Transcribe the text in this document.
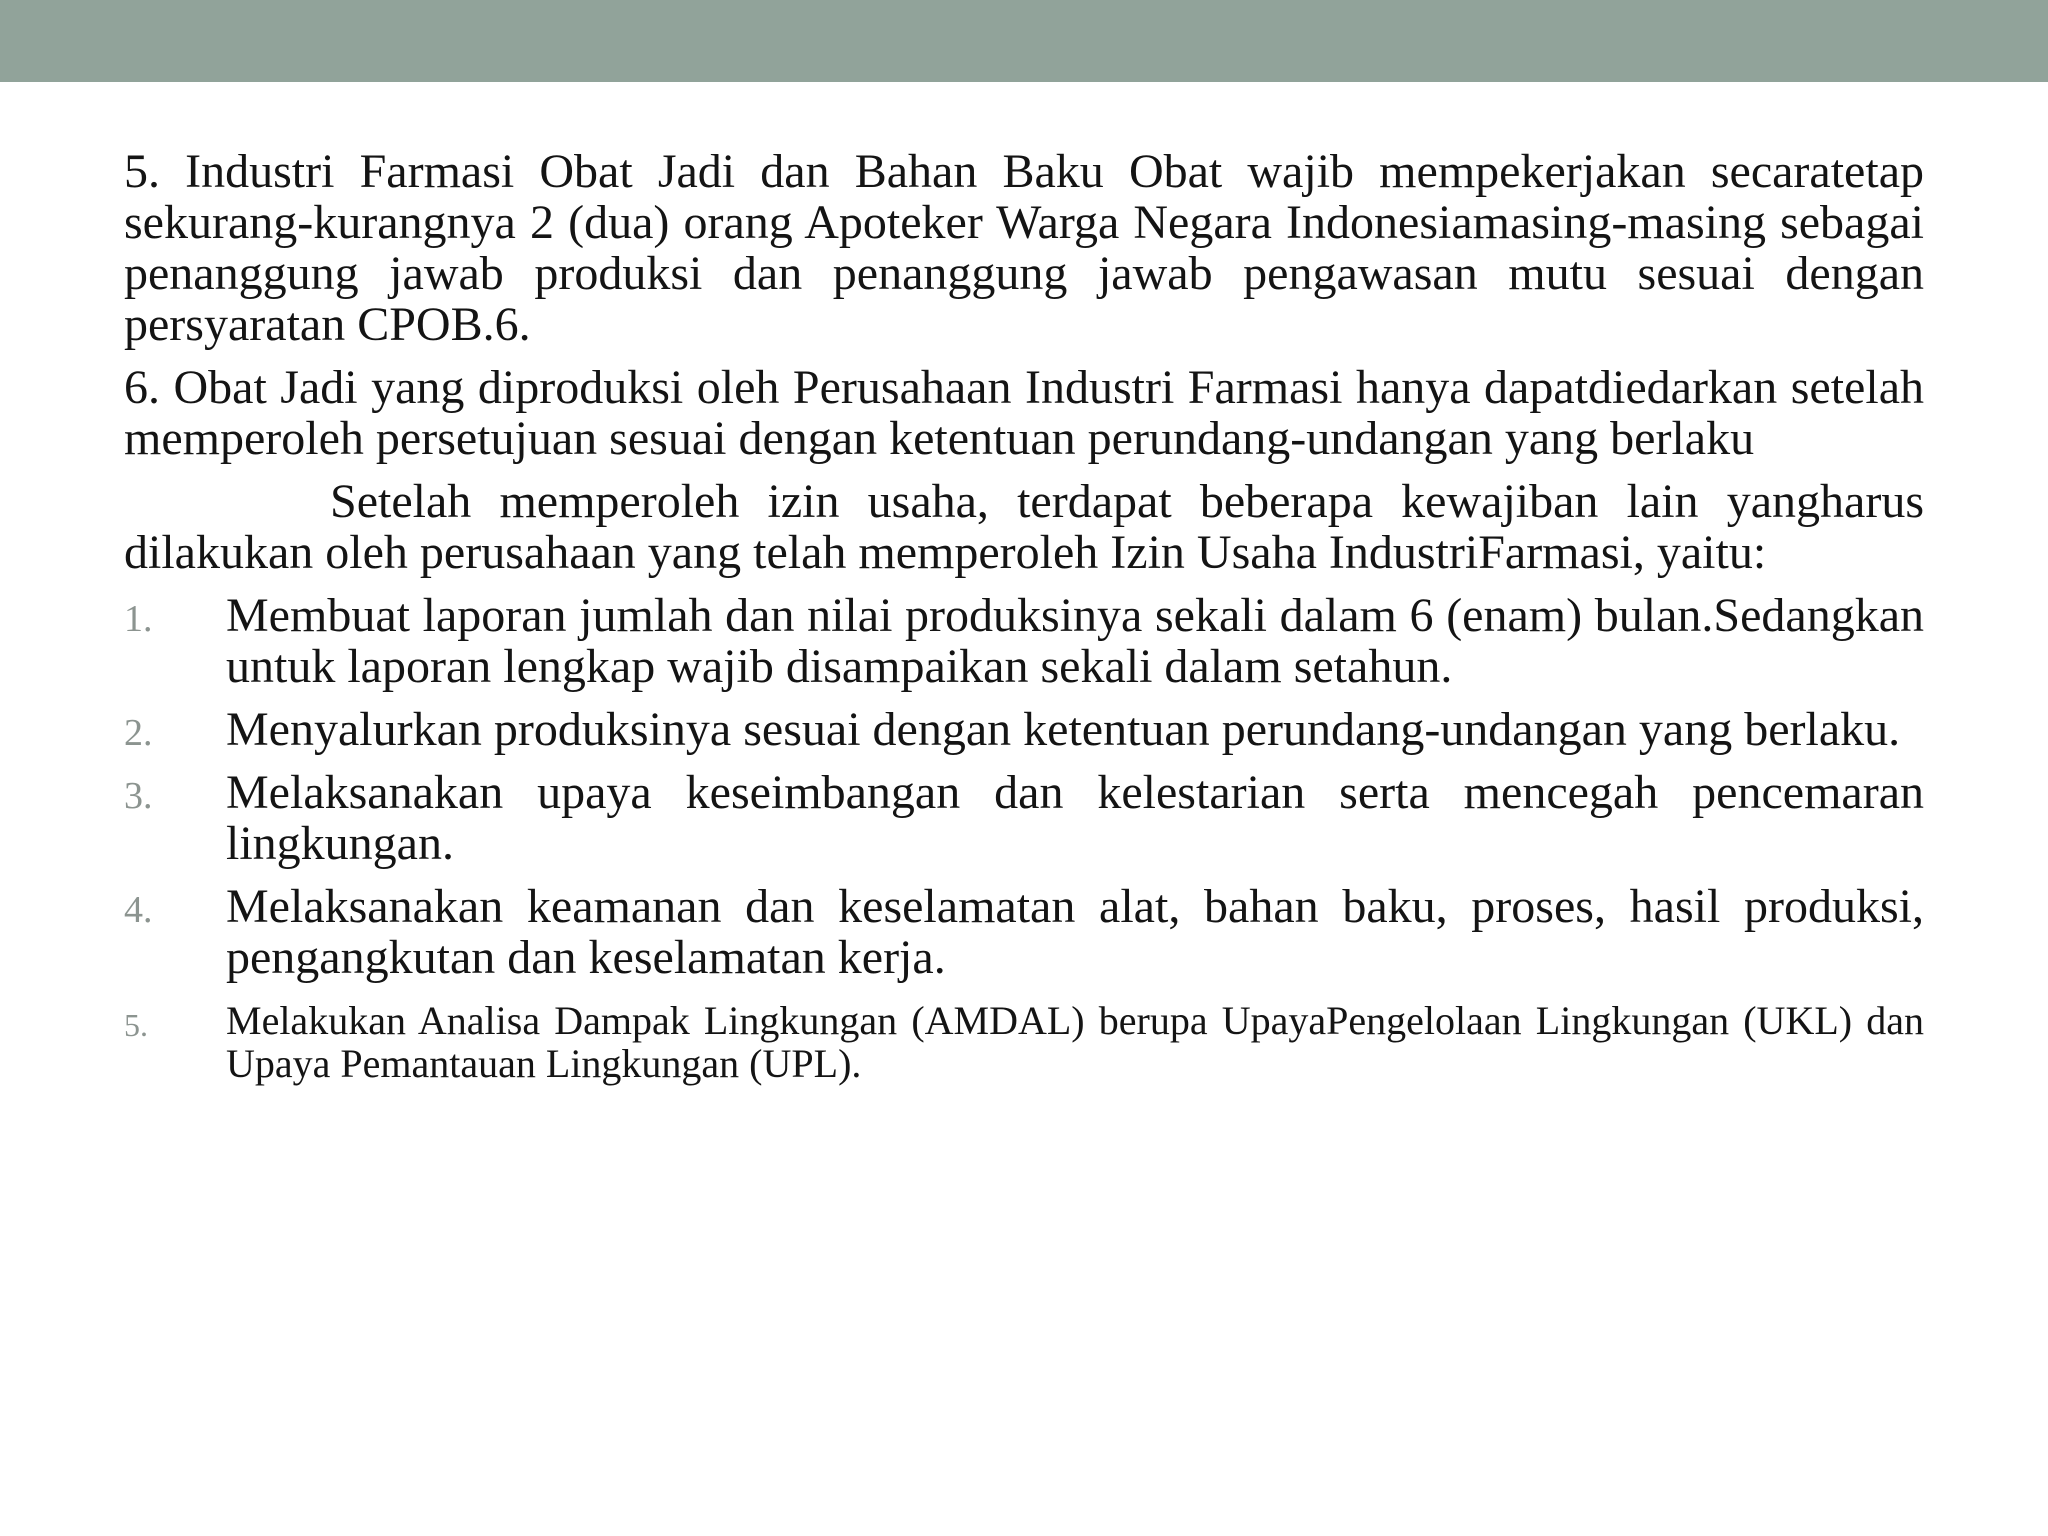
5. Industri Farmasi Obat Jadi dan Bahan Baku Obat wajib mempekerjakan secaratetap sekurang-kurangnya 2 (dua) orang Apoteker Warga Negara Indonesiamasing-masing sebagai penanggung jawab produksi dan penanggung jawab pengawasan mutu sesuai dengan persyaratan CPOB.6.

6. Obat Jadi yang diproduksi oleh Perusahaan Industri Farmasi hanya dapatdiedarkan setelah memperoleh persetujuan sesuai dengan ketentuan perundang-undangan yang berlaku

Setelah memperoleh izin usaha, terdapat beberapa kewajiban lain yangharus dilakukan oleh perusahaan yang telah memperoleh Izin Usaha IndustriFarmasi, yaitu:

1. Membuat laporan jumlah dan nilai produksinya sekali dalam 6 (enam) bulan.Sedangkan untuk laporan lengkap wajib disampaikan sekali dalam setahun.
2. Menyalurkan produksinya sesuai dengan ketentuan perundang-undangan yang berlaku.
3. Melaksanakan upaya keseimbangan dan kelestarian serta mencegah pencemaran lingkungan.
4. Melaksanakan keamanan dan keselamatan alat, bahan baku, proses, hasil produksi, pengangkutan dan keselamatan kerja.
5. Melakukan Analisa Dampak Lingkungan (AMDAL) berupa UpayaPengelolaan Lingkungan (UKL) dan Upaya Pemantauan Lingkungan (UPL).
